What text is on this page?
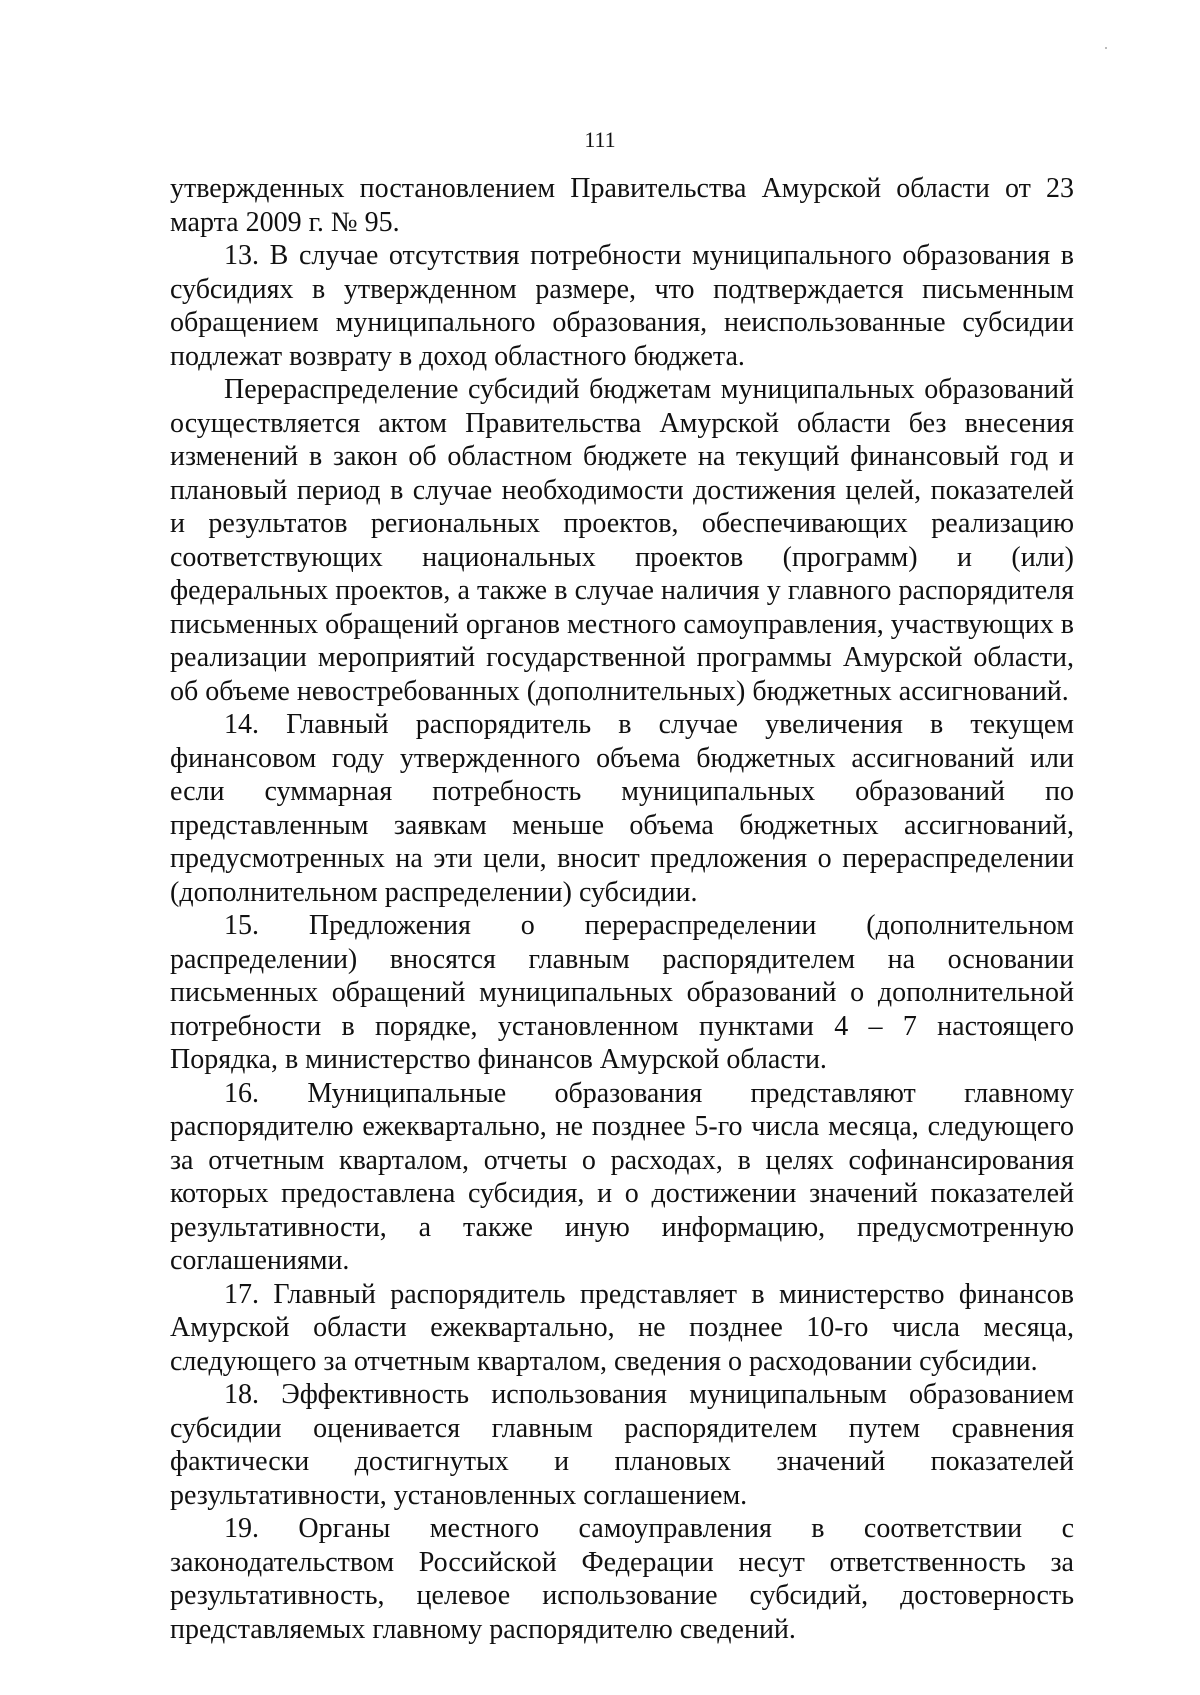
111

утвержденных постановлением Правительства Амурской области от 23 марта 2009 г. № 95.

13. В случае отсутствия потребности муниципального образования в субсидиях в утвержденном размере, что подтверждается письменным обращением муниципального образования, неиспользованные субсидии подлежат возврату в доход областного бюджета.

Перераспределение субсидий бюджетам муниципальных образований осуществляется актом Правительства Амурской области без внесения изменений в закон об областном бюджете на текущий финансовый год и плановый период в случае необходимости достижения целей, показателей и результатов региональных проектов, обеспечивающих реализацию соответствующих национальных проектов (программ) и (или) федеральных проектов, а также в случае наличия у главного распорядителя письменных обращений органов местного самоуправления, участвующих в реализации мероприятий государственной программы Амурской области, об объеме невостребованных (дополнительных) бюджетных ассигнований.

14. Главный распорядитель в случае увеличения в текущем финансовом году утвержденного объема бюджетных ассигнований или если суммарная потребность муниципальных образований по представленным заявкам меньше объема бюджетных ассигнований, предусмотренных на эти цели, вносит предложения о перераспределении (дополнительном распределении) субсидии.

15. Предложения о перераспределении (дополнительном распределении) вносятся главным распорядителем на основании письменных обращений муниципальных образований о дополнительной потребности в порядке, установленном пунктами 4 – 7 настоящего Порядка, в министерство финансов Амурской области.

16. Муниципальные образования представляют главному распорядителю ежеквартально, не позднее 5-го числа месяца, следующего за отчетным кварталом, отчеты о расходах, в целях софинансирования которых предоставлена субсидия, и о достижении значений показателей результативности, а также иную информацию, предусмотренную соглашениями.

17. Главный распорядитель представляет в министерство финансов Амурской области ежеквартально, не позднее 10-го числа месяца, следующего за отчетным кварталом, сведения о расходовании субсидии.

18. Эффективность использования муниципальным образованием субсидии оценивается главным распорядителем путем сравнения фактически достигнутых и плановых значений показателей результативности, установленных соглашением.

19. Органы местного самоуправления в соответствии с законодательством Российской Федерации несут ответственность за результативность, целевое использование субсидий, достоверность представляемых главному распорядителю сведений.
